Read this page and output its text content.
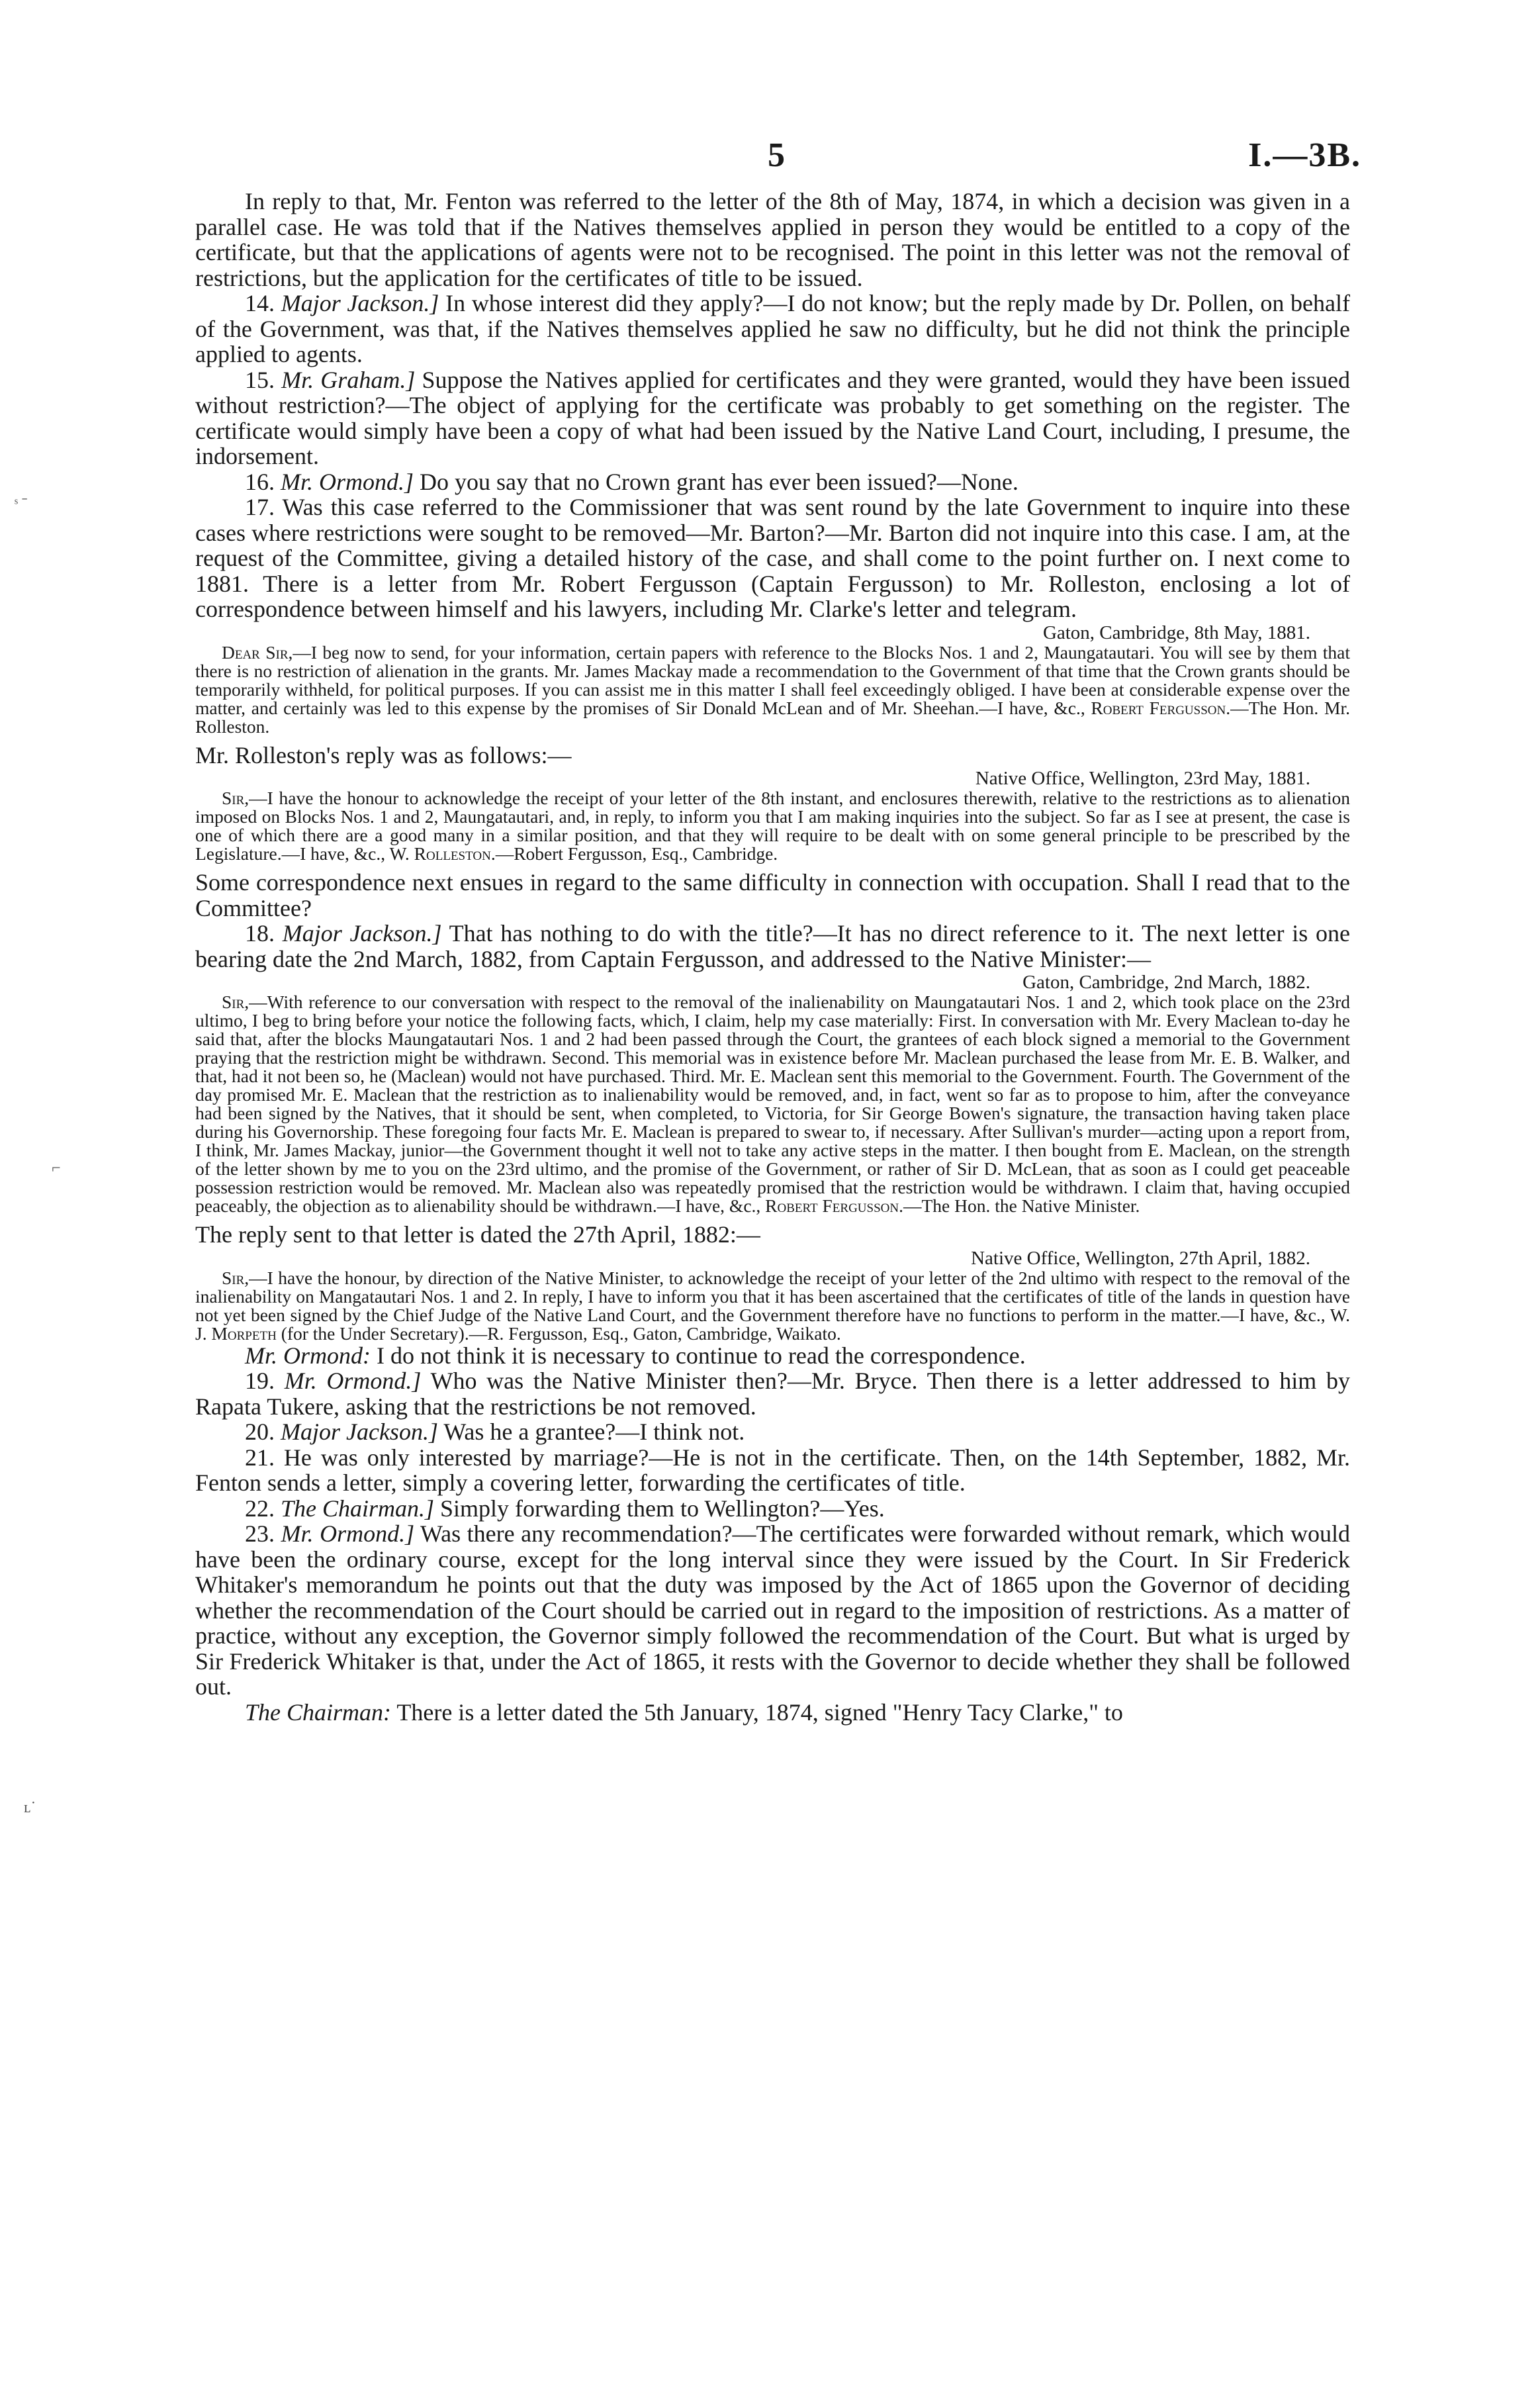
5	I.—3B.
ˢ ˉ
⌐
ʟ˙

In reply to that, Mr. Fenton was referred to the letter of the 8th of May, 1874, in which a decision was given in a parallel case. He was told that if the Natives themselves applied in person they would be entitled to a copy of the certificate, but that the applications of agents were not to be recognised. The point in this letter was not the removal of restrictions, but the application for the certificates of title to be issued.

14. Major Jackson.] In whose interest did they apply?—I do not know; but the reply made by Dr. Pollen, on behalf of the Government, was that, if the Natives themselves applied he saw no difficulty, but he did not think the principle applied to agents.

15. Mr. Graham.] Suppose the Natives applied for certificates and they were granted, would they have been issued without restriction?—The object of applying for the certificate was probably to get something on the register. The certificate would simply have been a copy of what had been issued by the Native Land Court, including, I presume, the indorsement.

16. Mr. Ormond.] Do you say that no Crown grant has ever been issued?—None.

17. Was this case referred to the Commissioner that was sent round by the late Government to inquire into these cases where restrictions were sought to be removed—Mr. Barton?—Mr. Barton did not inquire into this case. I am, at the request of the Committee, giving a detailed history of the case, and shall come to the point further on. I next come to 1881. There is a letter from Mr. Robert Fergusson (Captain Fergusson) to Mr. Rolleston, enclosing a lot of correspondence between himself and his lawyers, including Mr. Clarke's letter and telegram.

Gaton, Cambridge, 8th May, 1881.

Dear Sir,—I beg now to send, for your information, certain papers with reference to the Blocks Nos. 1 and 2, Maungatautari. You will see by them that there is no restriction of alienation in the grants. Mr. James Mackay made a recommendation to the Government of that time that the Crown grants should be temporarily withheld, for political purposes. If you can assist me in this matter I shall feel exceedingly obliged. I have been at considerable expense over the matter, and certainly was led to this expense by the promises of Sir Donald McLean and of Mr. Sheehan.—I have, &c., Robert Fergusson.—The Hon. Mr. Rolleston.

Mr. Rolleston's reply was as follows:—

Native Office, Wellington, 23rd May, 1881.

Sir,—I have the honour to acknowledge the receipt of your letter of the 8th instant, and enclosures therewith, relative to the restrictions as to alienation imposed on Blocks Nos. 1 and 2, Maungatautari, and, in reply, to inform you that I am making inquiries into the subject. So far as I see at present, the case is one of which there are a good many in a similar position, and that they will require to be dealt with on some general principle to be prescribed by the Legislature.—I have, &c., W. Rolleston.—Robert Fergusson, Esq., Cambridge.

Some correspondence next ensues in regard to the same difficulty in connection with occupation. Shall I read that to the Committee?

18. Major Jackson.] That has nothing to do with the title?—It has no direct reference to it. The next letter is one bearing date the 2nd March, 1882, from Captain Fergusson, and addressed to the Native Minister:—

Gaton, Cambridge, 2nd March, 1882.

Sir,—With reference to our conversation with respect to the removal of the inalienability on Maungatautari Nos. 1 and 2, which took place on the 23rd ultimo, I beg to bring before your notice the following facts, which, I claim, help my case materially: First. In conversation with Mr. Every Maclean to-day he said that, after the blocks Maungatautari Nos. 1 and 2 had been passed through the Court, the grantees of each block signed a memorial to the Government praying that the restriction might be withdrawn. Second. This memorial was in existence before Mr. Maclean purchased the lease from Mr. E. B. Walker, and that, had it not been so, he (Maclean) would not have purchased. Third. Mr. E. Maclean sent this memorial to the Government. Fourth. The Government of the day promised Mr. E. Maclean that the restriction as to inalienability would be removed, and, in fact, went so far as to propose to him, after the conveyance had been signed by the Natives, that it should be sent, when completed, to Victoria, for Sir George Bowen's signature, the transaction having taken place during his Governorship. These foregoing four facts Mr. E. Maclean is prepared to swear to, if necessary. After Sullivan's murder—acting upon a report from, I think, Mr. James Mackay, junior—the Government thought it well not to take any active steps in the matter. I then bought from E. Maclean, on the strength of the letter shown by me to you on the 23rd ultimo, and the promise of the Government, or rather of Sir D. McLean, that as soon as I could get peaceable possession restriction would be removed. Mr. Maclean also was repeatedly promised that the restriction would be withdrawn. I claim that, having occupied peaceably, the objection as to alienability should be withdrawn.—I have, &c., Robert Fergusson.—The Hon. the Native Minister.

The reply sent to that letter is dated the 27th April, 1882:—

Native Office, Wellington, 27th April, 1882.

Sir,—I have the honour, by direction of the Native Minister, to acknowledge the receipt of your letter of the 2nd ultimo with respect to the removal of the inalienability on Mangatautari Nos. 1 and 2. In reply, I have to inform you that it has been ascertained that the certificates of title of the lands in question have not yet been signed by the Chief Judge of the Native Land Court, and the Government therefore have no functions to perform in the matter.—I have, &c., W. J. Morpeth (for the Under Secretary).—R. Fergusson, Esq., Gaton, Cambridge, Waikato.

Mr. Ormond: I do not think it is necessary to continue to read the correspondence.

19. Mr. Ormond.] Who was the Native Minister then?—Mr. Bryce. Then there is a letter addressed to him by Rapata Tukere, asking that the restrictions be not removed.

20. Major Jackson.] Was he a grantee?—I think not.

21. He was only interested by marriage?—He is not in the certificate. Then, on the 14th September, 1882, Mr. Fenton sends a letter, simply a covering letter, forwarding the certificates of title.

22. The Chairman.] Simply forwarding them to Wellington?—Yes.

23. Mr. Ormond.] Was there any recommendation?—The certificates were forwarded without remark, which would have been the ordinary course, except for the long interval since they were issued by the Court. In Sir Frederick Whitaker's memorandum he points out that the duty was imposed by the Act of 1865 upon the Governor of deciding whether the recommendation of the Court should be carried out in regard to the imposition of restrictions. As a matter of practice, without any exception, the Governor simply followed the recommendation of the Court. But what is urged by Sir Frederick Whitaker is that, under the Act of 1865, it rests with the Governor to decide whether they shall be followed out.

The Chairman: There is a letter dated the 5th January, 1874, signed "Henry Tacy Clarke," to
